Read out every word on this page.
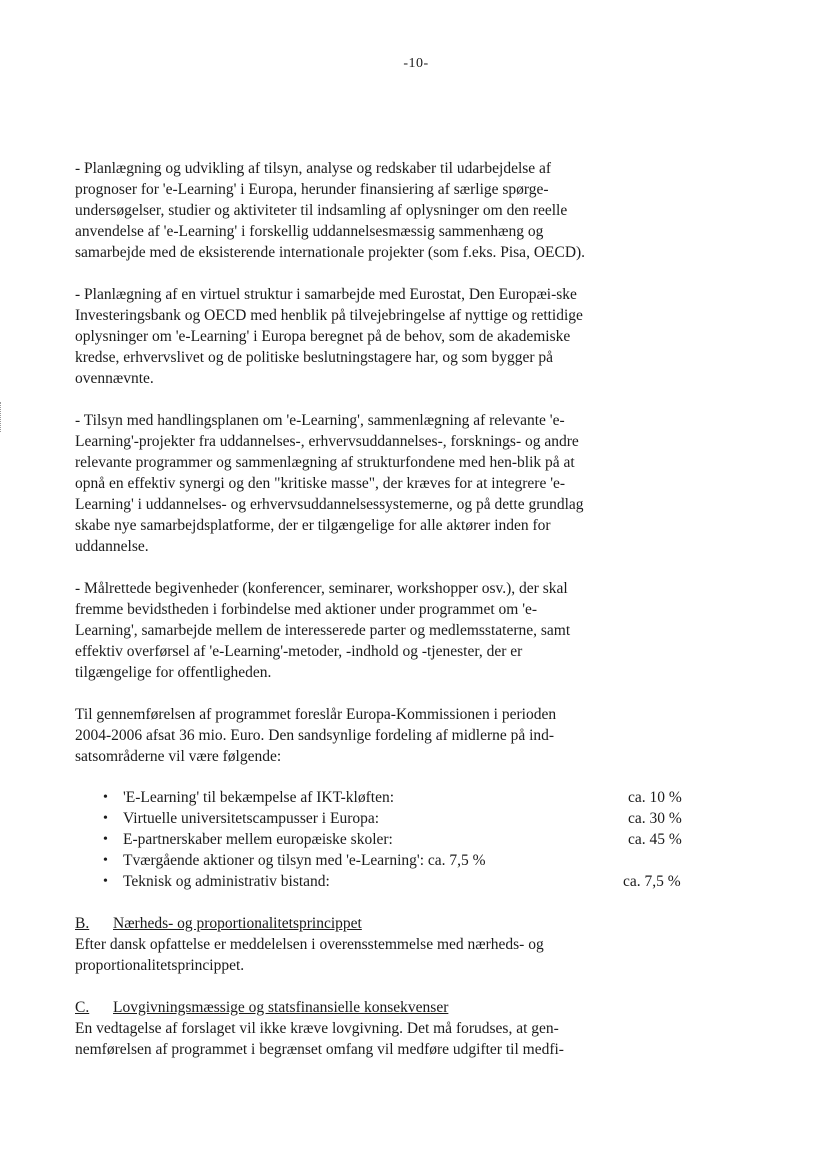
-10-

- Planlægning og udvikling af tilsyn, analyse og redskaber til udarbejdelse af prognoser for 'e-Learning' i Europa, herunder finansiering af særlige spørge-undersøgelser, studier og aktiviteter til indsamling af oplysninger om den reelle anvendelse af 'e-Learning' i forskellig uddannelsesmæssig sammenhæng og samarbejde med de eksisterende internationale projekter (som f.eks. Pisa, OECD).

- Planlægning af en virtuel struktur i samarbejde med Eurostat, Den Europæi-ske Investeringsbank og OECD med henblik på tilvejebringelse af nyttige og rettidige oplysninger om 'e-Learning' i Europa beregnet på de behov, som de akademiske kredse, erhvervslivet og de politiske beslutningstagere har, og som bygger på ovennævnte.

- Tilsyn med handlingsplanen om 'e-Learning', sammenlægning af relevante 'e-Learning'-projekter fra uddannelses-, erhvervsuddannelses-, forsknings- og andre relevante programmer og sammenlægning af strukturfondene med hen-blik på at opnå en effektiv synergi og den "kritiske masse", der kræves for at integrere 'e-Learning' i uddannelses- og erhvervsuddannelsessystemerne, og på dette grundlag skabe nye samarbejdsplatforme, der er tilgængelige for alle aktører inden for uddannelse.

- Målrettede begivenheder (konferencer, seminarer, workshopper osv.), der skal fremme bevidstheden i forbindelse med aktioner under programmet om 'e-Learning', samarbejde mellem de interesserede parter og medlemsstaterne, samt effektiv overførsel af 'e-Learning'-metoder, -indhold og -tjenester, der er tilgængelige for offentligheden.

Til gennemførelsen af programmet foreslår Europa-Kommissionen i perioden 2004-2006 afsat 36 mio. Euro. Den sandsynlige fordeling af midlerne på ind-satsområderne vil være følgende:

• 'E-Learning' til bekæmpelse af IKT-kløften:	ca. 10 %
• Virtuelle universitetscampusser i Europa:	ca. 30 %
• E-partnerskaber mellem europæiske skoler:	ca. 45 %
• Tværgående aktioner og tilsyn med 'e-Learning': ca. 7,5 %
• Teknisk og administrativ bistand:	ca. 7,5 %

B. Nærheds- og proportionalitetsprincippet

Efter dansk opfattelse er meddelelsen i overensstemmelse med nærheds- og proportionalitetsprincippet.

C. Lovgivningsmæssige og statsfinansielle konsekvenser

En vedtagelse af forslaget vil ikke kræve lovgivning. Det må forudses, at gen-nemførelsen af programmet i begrænset omfang vil medføre udgifter til medfi-
